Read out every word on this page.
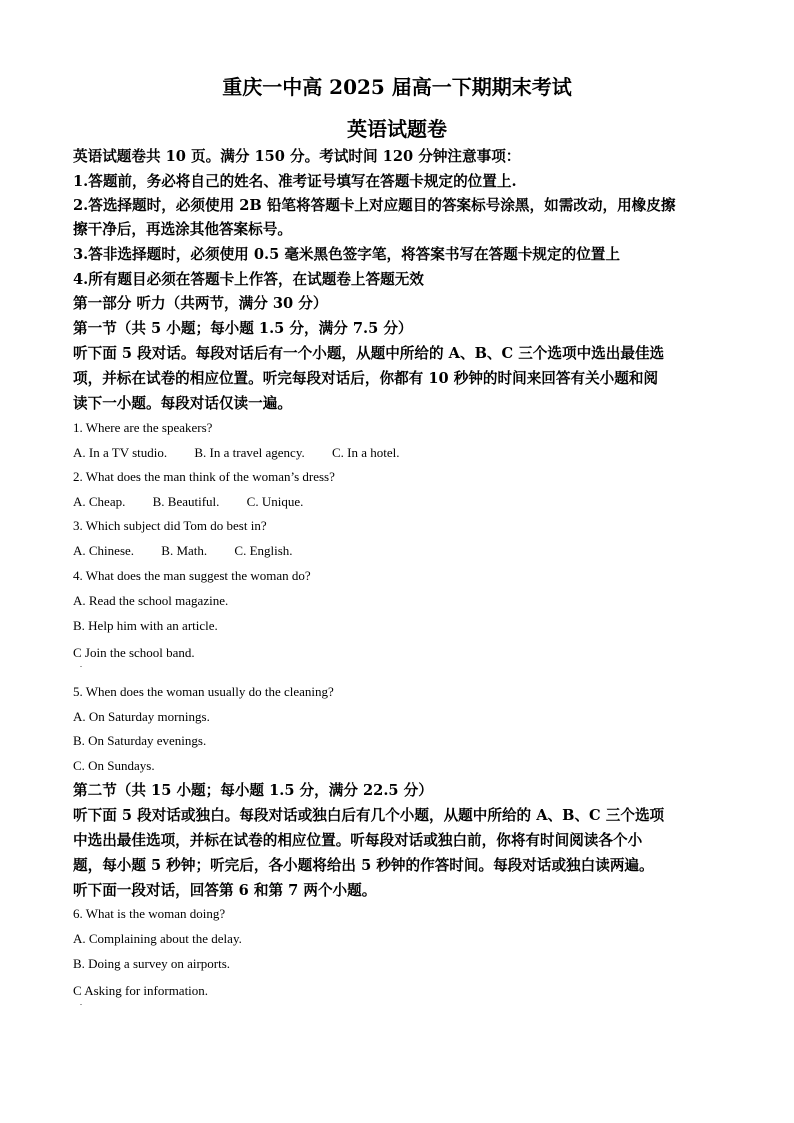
重庆一中高 2025 届高一下期期末考试
英语试题卷
英语试题卷共 10 页。满分 150 分。考试时间 120 分钟注意事项：
1.答题前，务必将自己的姓名、准考证号填写在答题卡规定的位置上.
2.答选择题时，必须使用 2B 铅笔将答题卡上对应题目的答案标号涂黑，如需改动，用橡皮擦
擦干净后，再选涂其他答案标号。
3.答非选择题时，必须使用 0.5 毫米黑色签字笔，将答案书写在答题卡规定的位置上
4.所有题目必须在答题卡上作答，在试题卷上答题无效
第一部分 听力（共两节，满分 30 分）
第一节（共 5 小题；每小题 1.5 分，满分 7.5 分）
听下面 5 段对话。每段对话后有一个小题，从题中所给的 A、B、C 三个选项中选出最佳选
项，并标在试卷的相应位置。听完每段对话后，你都有 10 秒钟的时间来回答有关小题和阅
读下一小题。每段对话仅读一遍。
1. Where are the speakers?
A. In a TV studio. B. In a travel agency. C. In a hotel.
2. What does the man think of the woman’s dress?
A. Cheap. B. Beautiful. C. Unique.
3. Which subject did Tom do best in?
A. Chinese. B. Math. C. English.
4. What does the man suggest the woman do?
A. Read the school magazine.
B. Help him with an article.
C Join the school band.
.
5. When does the woman usually do the cleaning?
A. On Saturday mornings.
B. On Saturday evenings.
C. On Sundays.
第二节（共 15 小题；每小题 1.5 分，满分 22.5 分）
听下面 5 段对话或独白。每段对话或独白后有几个小题，从题中所给的 A、B、C 三个选项
中选出最佳选项，并标在试卷的相应位置。听每段对话或独白前，你将有时间阅读各个小
题，每小题 5 秒钟；听完后，各小题将给出 5 秒钟的作答时间。每段对话或独白读两遍。
听下面一段对话，回答第 6 和第 7 两个小题。
6. What is the woman doing?
A. Complaining about the delay.
B. Doing a survey on airports.
C Asking for information.
.
